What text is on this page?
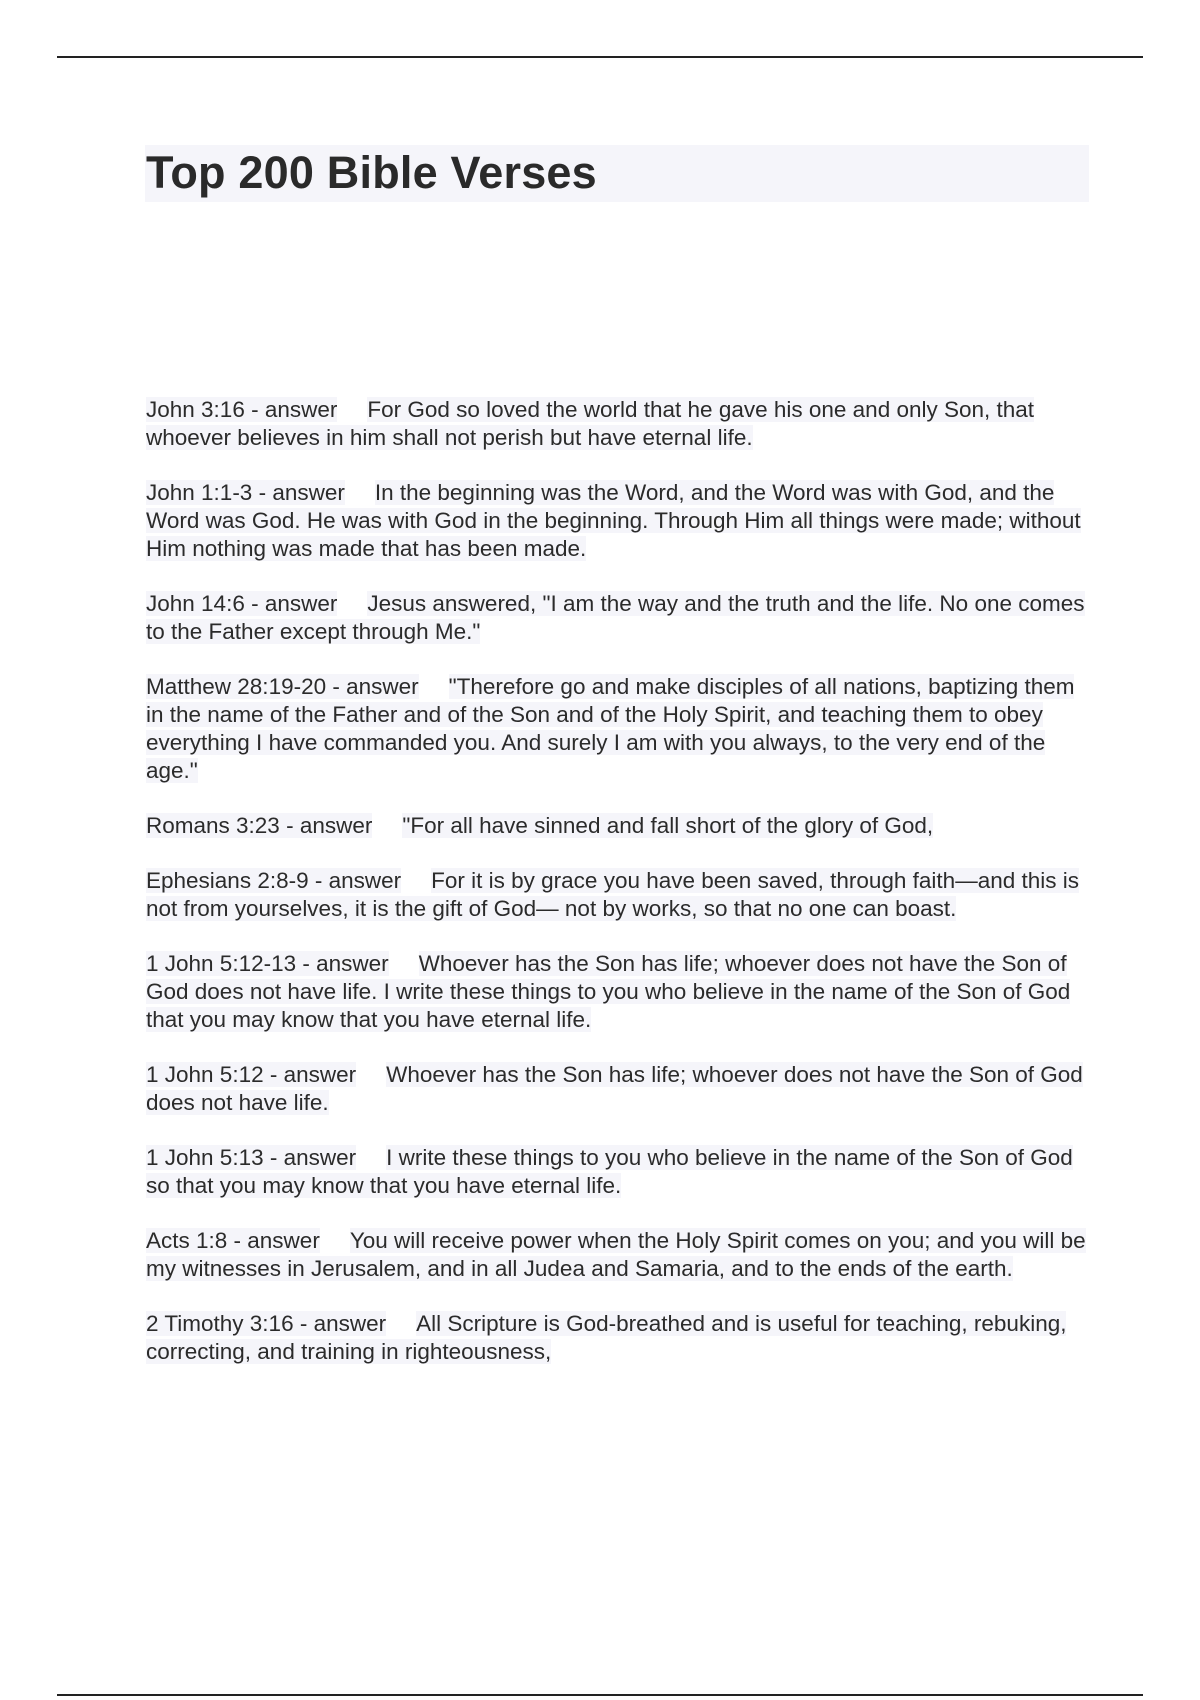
Top 200 Bible Verses
John 3:16 - answer For God so loved the world that he gave his one and only Son, that whoever believes in him shall not perish but have eternal life.
John 1:1-3 - answer In the beginning was the Word, and the Word was with God, and the Word was God. He was with God in the beginning. Through Him all things were made; without Him nothing was made that has been made.
John 14:6 - answer Jesus answered, "I am the way and the truth and the life. No one comes to the Father except through Me."
Matthew 28:19-20 - answer "Therefore go and make disciples of all nations, baptizing them in the name of the Father and of the Son and of the Holy Spirit, and teaching them to obey everything I have commanded you. And surely I am with you always, to the very end of the age."
Romans 3:23 - answer "For all have sinned and fall short of the glory of God,
Ephesians 2:8-9 - answer For it is by grace you have been saved, through faith—and this is not from yourselves, it is the gift of God— not by works, so that no one can boast.
1 John 5:12-13 - answer Whoever has the Son has life; whoever does not have the Son of God does not have life. I write these things to you who believe in the name of the Son of God that you may know that you have eternal life.
1 John 5:12 - answer Whoever has the Son has life; whoever does not have the Son of God does not have life.
1 John 5:13 - answer I write these things to you who believe in the name of the Son of God so that you may know that you have eternal life.
Acts 1:8 - answer You will receive power when the Holy Spirit comes on you; and you will be my witnesses in Jerusalem, and in all Judea and Samaria, and to the ends of the earth.
2 Timothy 3:16 - answer All Scripture is God-breathed and is useful for teaching, rebuking, correcting, and training in righteousness,
